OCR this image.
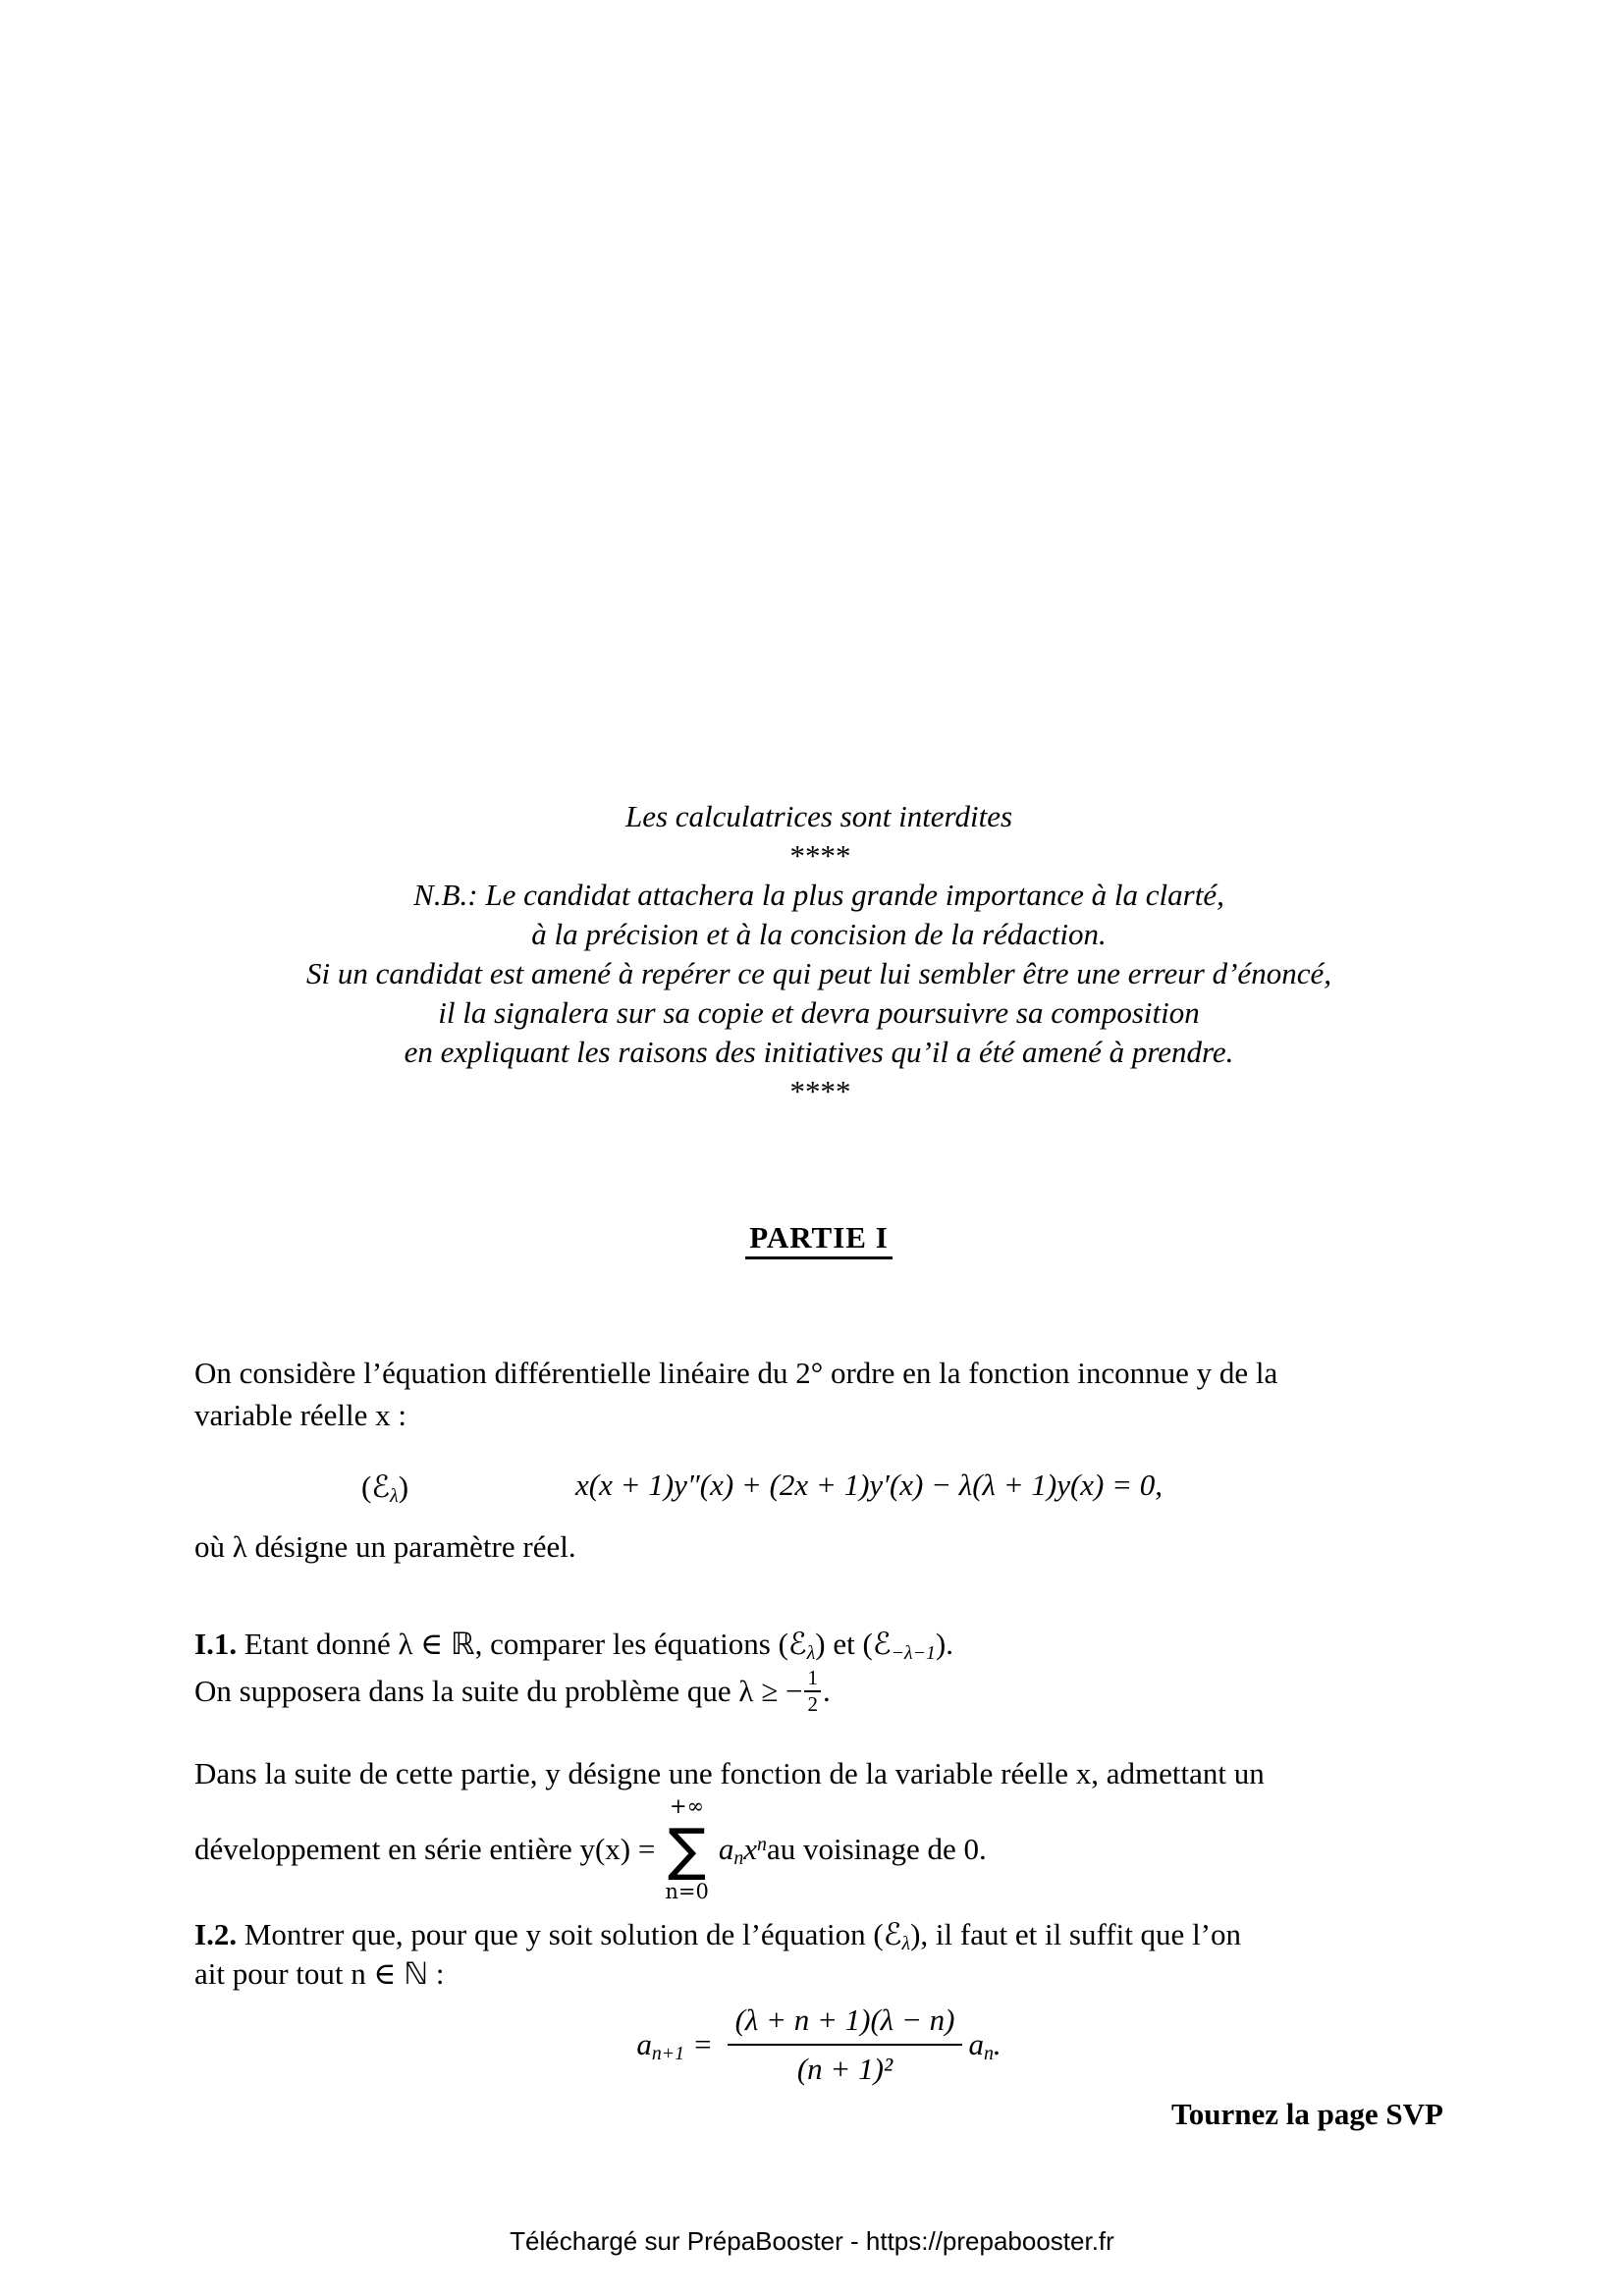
Les calculatrices sont interdites
****
N.B.: Le candidat attachera la plus grande importance à la clarté,
à la précision et à la concision de la rédaction.
Si un candidat est amené à repérer ce qui peut lui sembler être une erreur d’énoncé,
il la signalera sur sa copie et devra poursuivre sa composition
en expliquant les raisons des initiatives qu’il a été amené à prendre.
****
PARTIE I
On considère l’équation différentielle linéaire du 2° ordre en la fonction inconnue y de la
variable réelle x :
(ℰ$_\lambda$)	x(x + 1)y″(x) + (2x + 1)y′(x) − λ(λ + 1)y(x) = 0,
où λ désigne un paramètre réel.
I.1. Etant donné λ ∈ ℝ, comparer les équations (ℰ$_\lambda$) et (ℰ$_{-\lambda-1}$).
On supposera dans la suite du problème que λ ≥ − $\frac{1}{2}$ .
Dans la suite de cette partie, y désigne une fonction de la variable réelle x, admettant un
développement en série entière y(x) =
+∞
∑
n=0
$a_nx^n$ au voisinage de 0.
I.2. Montrer que, pour que y soit solution de l’équation (ℰ$_\lambda$), il faut et il suffit que l’on
ait pour tout n ∈ ℕ :
$a_{n+1} = \frac{(\lambda + n + 1)(\lambda - n)}{\text{(n + 1)²}} a_n$ .
Tournez la page SVP
Téléchargé sur PrépaBooster - https://prepabooster.fr
